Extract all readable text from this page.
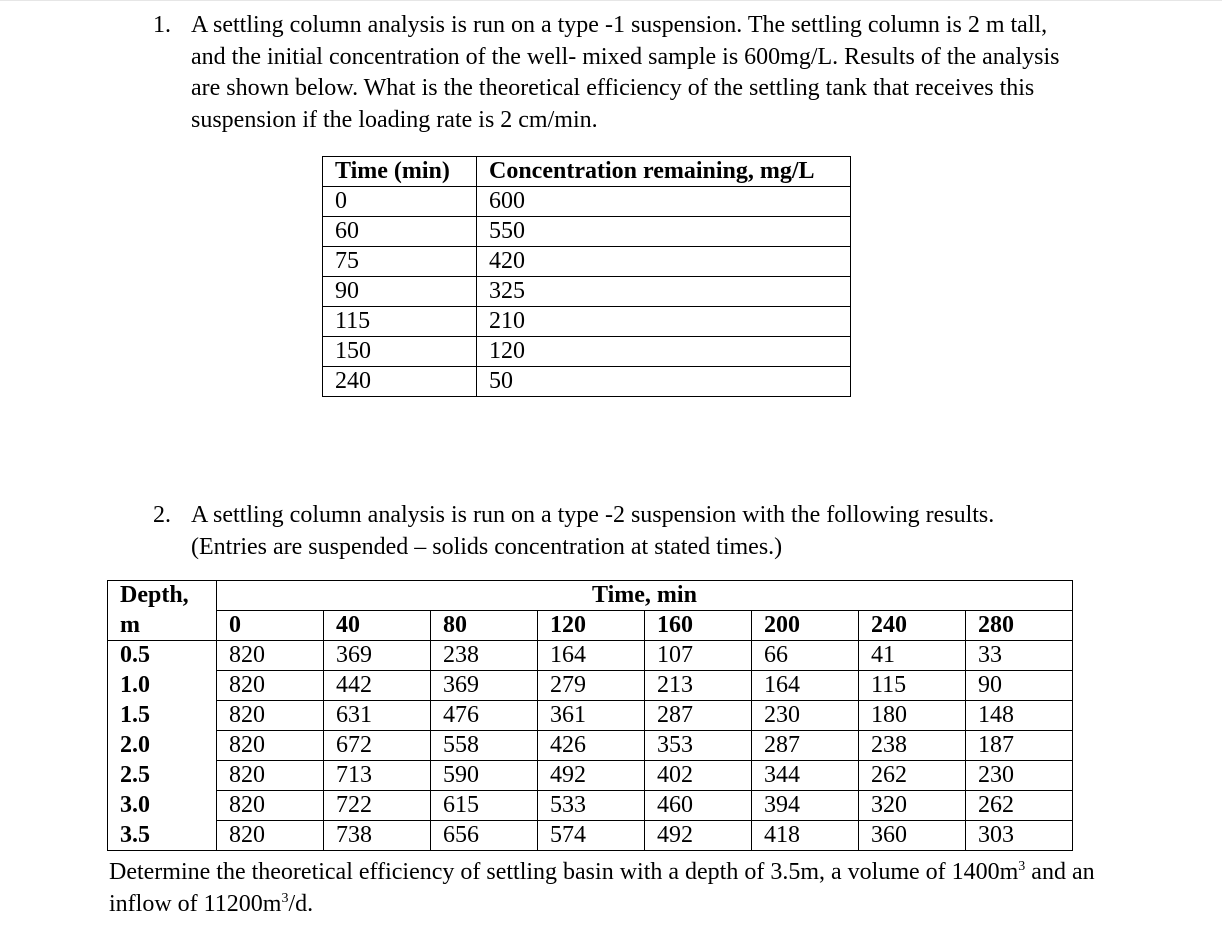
1. A settling column analysis is run on a type -1 suspension. The settling column is 2 m tall, and the initial concentration of the well- mixed sample is 600mg/L. Results of the analysis are shown below. What is the theoretical efficiency of the settling tank that receives this suspension if the loading rate is 2 cm/min.
Time (min)	Concentration remaining, mg/L
0	600
60	550
75	420
90	325
115	210
150	120
240	50
2. A settling column analysis is run on a type -2 suspension with the following results. (Entries are suspended – solids concentration at stated times.)
Depth,	Time, min							
m	0	40	80	120	160	200	240	280
0.5	820	369	238	164	107	66	41	33
1.0	820	442	369	279	213	164	115	90
1.5	820	631	476	361	287	230	180	148
2.0	820	672	558	426	353	287	238	187
2.5	820	713	590	492	402	344	262	230
3.0	820	722	615	533	460	394	320	262
3.5	820	738	656	574	492	418	360	303
Determine the theoretical efficiency of settling basin with a depth of 3.5m, a volume of $1400m^3$ and an inflow of $11200m^3/d$.
